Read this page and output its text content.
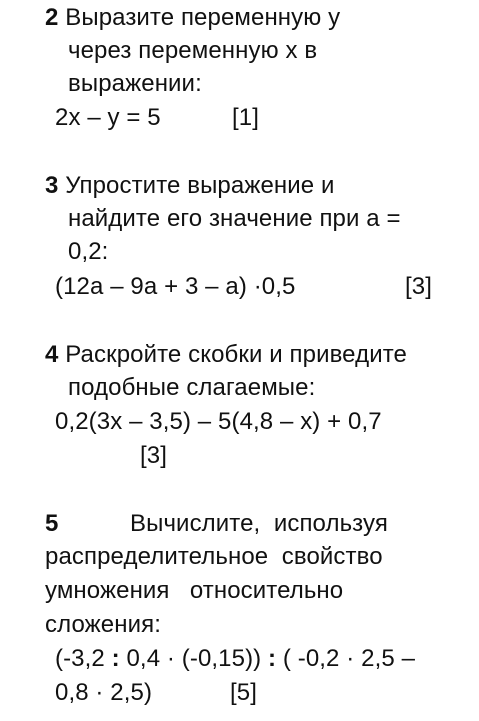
2 Выразите переменную у
через переменную х в
выражении:
2х – у = 5	[1]
3 Упростите выражение и
найдите его значение при а =
0,2:
(12а – 9а + 3 – а) ·0,5	[3]
4 Раскройте скобки и приведите
подобные слагаемые:
0,2(3х – 3,5) – 5(4,8 – х) + 0,7
[3]
5	Вычислите,  используя
распределительное  свойство
умножения   относительно
сложения:
(-3,2 : 0,4 · (-0,15)) : ( -0,2 · 2,5 –
0,8 · 2,5)	[5]
